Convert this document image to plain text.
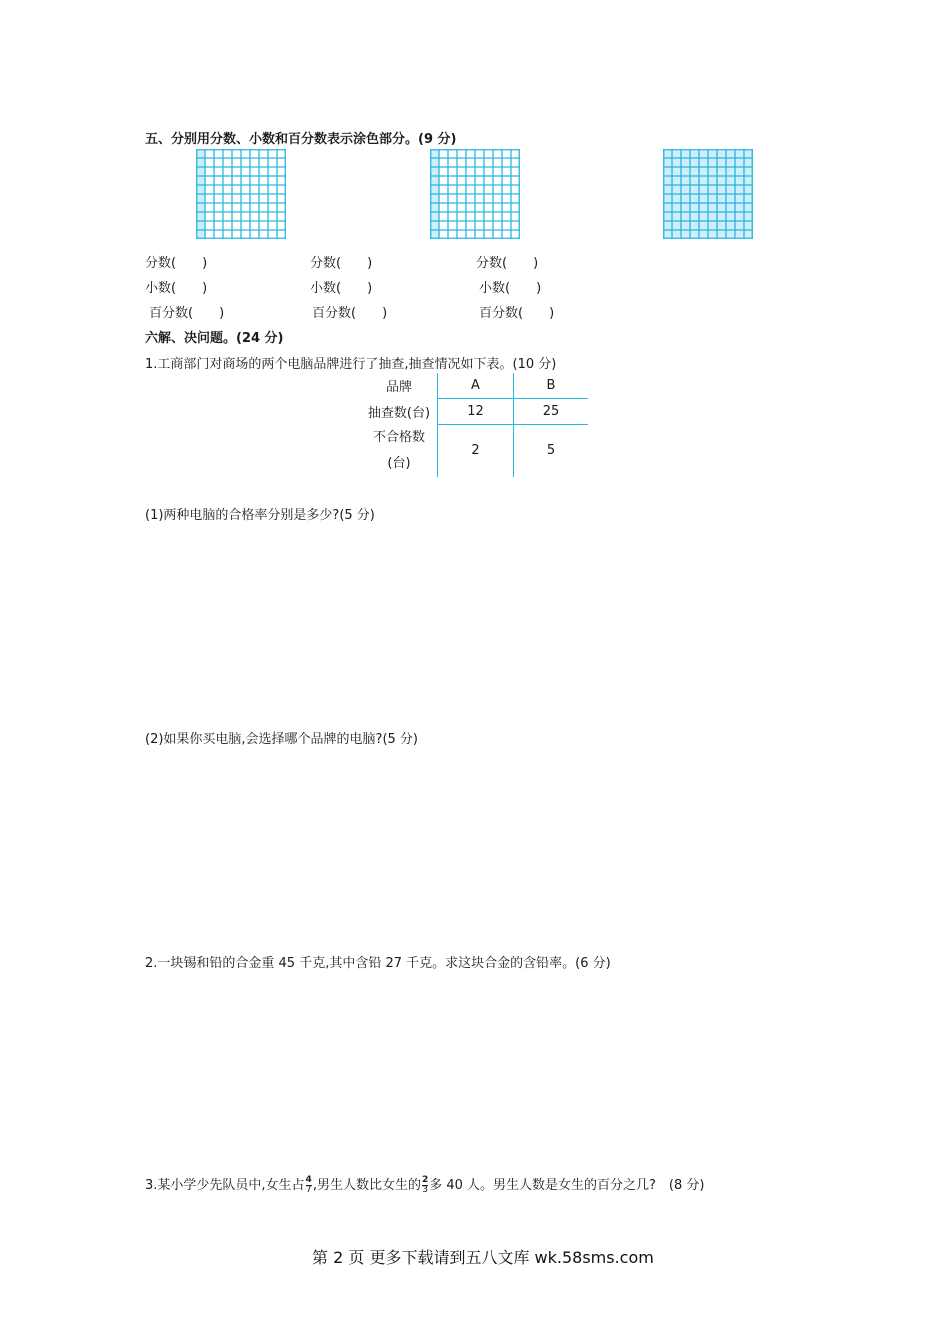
五、分别用分数、小数和百分数表示涂色部分。(9 分)
分数(　　)
小数(　　)
百分数(　　)
分数(　　)
小数(　　)
百分数(　　)
分数(　　)
小数(　　)
百分数(　　)
六解、决问题。(24 分)
1.工商部门对商场的两个电脑品牌进行了抽查,抽查情况如下表。(10 分)
品牌	A	B
抽查数(台)	12	25

不合格数
(台)	2	5
(1)两种电脑的合格率分别是多少?(5 分)
(2)如果你买电脑,会选择哪个品牌的电脑?(5 分)
2.一块锡和铅的合金重 45 千克,其中含铅 27 千克。求这块合金的含铅率。(6 分)
3.某小学少先队员中,女生占 $\frac{4}{7}$ ,男生人数比女生的 $\frac{2}{3}$ 多 40 人。男生人数是女生的百分之几?　(8 分)
第 2 页 更多下载请到五八文库 wk.58sms.com
